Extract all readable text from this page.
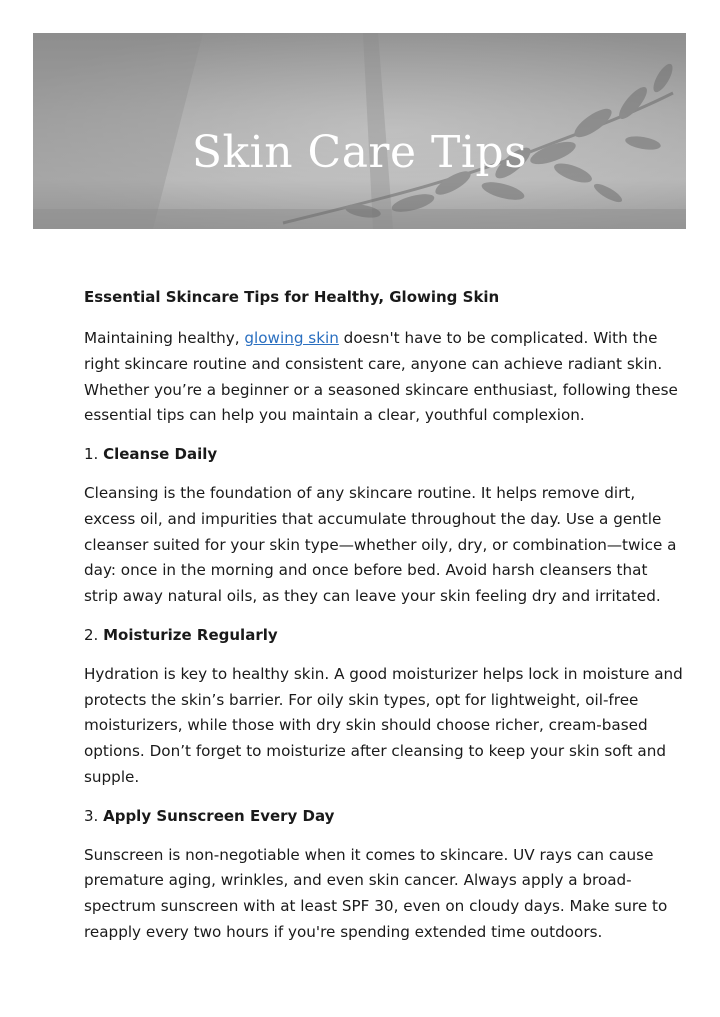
Skin Care Tips
Essential Skincare Tips for Healthy, Glowing Skin

Maintaining healthy, glowing skin doesn't have to be complicated. With the right skincare routine and consistent care, anyone can achieve radiant skin. Whether you’re a beginner or a seasoned skincare enthusiast, following these essential tips can help you maintain a clear, youthful complexion.

1. Cleanse Daily

Cleansing is the foundation of any skincare routine. It helps remove dirt, excess oil, and impurities that accumulate throughout the day. Use a gentle cleanser suited for your skin type—whether oily, dry, or combination—twice a day: once in the morning and once before bed. Avoid harsh cleansers that strip away natural oils, as they can leave your skin feeling dry and irritated.

2. Moisturize Regularly

Hydration is key to healthy skin. A good moisturizer helps lock in moisture and protects the skin’s barrier. For oily skin types, opt for lightweight, oil-free moisturizers, while those with dry skin should choose richer, cream-based options. Don’t forget to moisturize after cleansing to keep your skin soft and supple.

3. Apply Sunscreen Every Day

Sunscreen is non-negotiable when it comes to skincare. UV rays can cause premature aging, wrinkles, and even skin cancer. Always apply a broad-spectrum sunscreen with at least SPF 30, even on cloudy days. Make sure to reapply every two hours if you're spending extended time outdoors.
